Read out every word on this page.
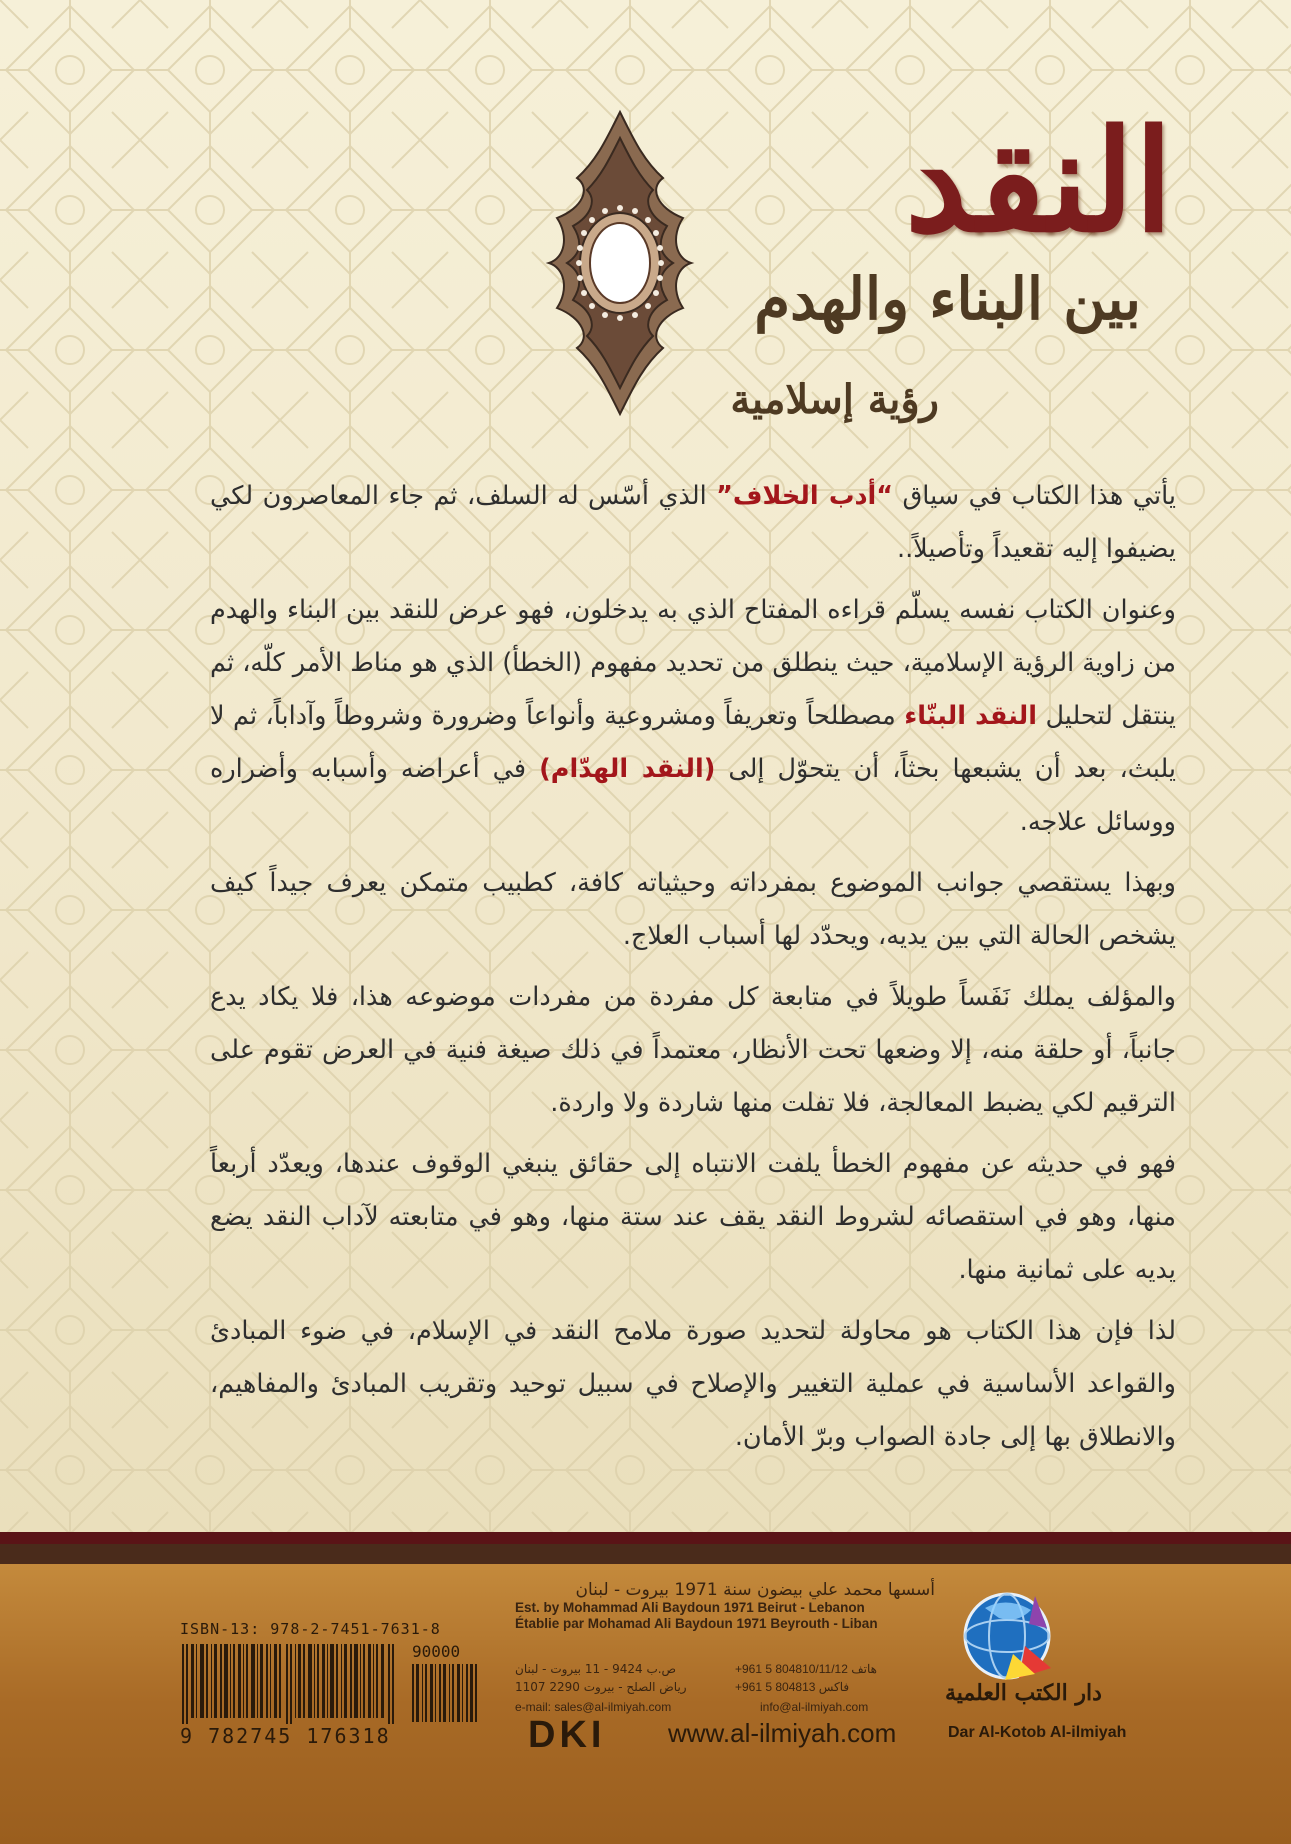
النقد
بين البناء والهدم
رؤية إسلامية

يأتي هذا الكتاب في سياق “أدب الخلاف” الذي أسّس له السلف، ثم جاء المعاصرون لكي يضيفوا إليه تقعيداً وتأصيلاً..

وعنوان الكتاب نفسه يسلّم قراءه المفتاح الذي به يدخلون، فهو عرض للنقد بين البناء والهدم من زاوية الرؤية الإسلامية، حيث ينطلق من تحديد مفهوم (الخطأ) الذي هو مناط الأمر كلّه، ثم ينتقل لتحليل النقد البنّاء مصطلحاً وتعريفاً ومشروعية وأنواعاً وضرورة وشروطاً وآداباً، ثم لا يلبث، بعد أن يشبعها بحثاً، أن يتحوّل إلى (النقد الهدّام) في أعراضه وأسبابه وأضراره ووسائل علاجه.

وبهذا يستقصي جوانب الموضوع بمفرداته وحيثياته كافة، كطبيب متمكن يعرف جيداً كيف يشخص الحالة التي بين يديه، ويحدّد لها أسباب العلاج.

والمؤلف يملك نَفَساً طويلاً في متابعة كل مفردة من مفردات موضوعه هذا، فلا يكاد يدع جانباً، أو حلقة منه، إلا وضعها تحت الأنظار، معتمداً في ذلك صيغة فنية في العرض تقوم على الترقيم لكي يضبط المعالجة، فلا تفلت منها شاردة ولا واردة.

فهو في حديثه عن مفهوم الخطأ يلفت الانتباه إلى حقائق ينبغي الوقوف عندها، ويعدّد أربعاً منها، وهو في استقصائه لشروط النقد يقف عند ستة منها، وهو في متابعته لآداب النقد يضع يديه على ثمانية منها.

لذا فإن هذا الكتاب هو محاولة لتحديد صورة ملامح النقد في الإسلام، في ضوء المبادئ والقواعد الأساسية في عملية التغيير والإصلاح في سبيل توحيد وتقريب المبادئ والمفاهيم، والانطلاق بها إلى جادة الصواب وبرّ الأمان.

ISBN-13: 978-2-7451-7631-8
90000
9 782745 176318
أسسها محمد علي بيضون سنة 1971 بيروت - لبنان
Est. by Mohammad Ali Baydoun 1971 Beirut - Lebanon
Établie par Mohamad Ali Baydoun 1971 Beyrouth - Liban
ص.ب 9424 - 11 بيروت - لبنان
رياض الصلح - بيروت 2290 1107
+961 5 804810/11/12 هاتف
+961 5 804813 فاكس
e-mail: sales@al-ilmiyah.com	info@al-ilmiyah.com
دار الكتب العلمية
Dar Al-Kotob Al-ilmiyah
DKI www.al-ilmiyah.com
